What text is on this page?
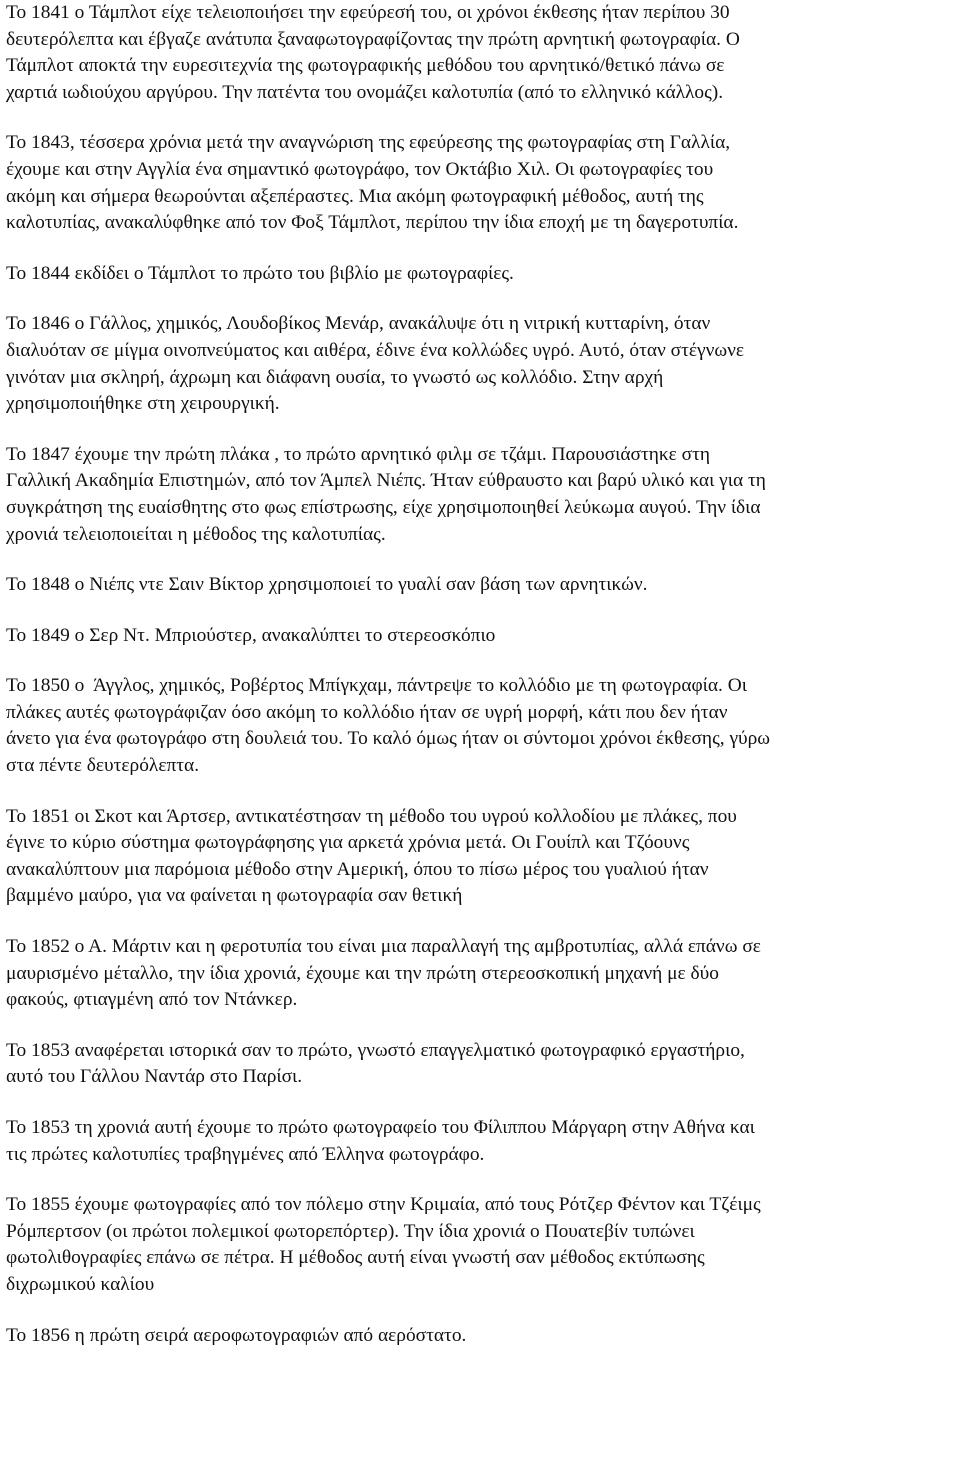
Το 1841 ο Τάμπλοτ είχε τελειοποιήσει την εφεύρεσή του, οι χρόνοι έκθεσης ήταν περίπου 30
δευτερόλεπτα και έβγαζε ανάτυπα ξαναφωτογραφίζοντας την πρώτη αρνητική φωτογραφία. Ο
Τάμπλοτ αποκτά την ευρεσιτεχνία της φωτογραφικής μεθόδου του αρνητικό/θετικό πάνω σε
χαρτιά ιωδιούχου αργύρου. Την πατέντα του ονομάζει καλοτυπία (από το ελληνικό κάλλος).
Το 1843, τέσσερα χρόνια μετά την αναγνώριση της εφεύρεσης της φωτογραφίας στη Γαλλία,
έχουμε και στην Αγγλία ένα σημαντικό φωτογράφο, τον Οκτάβιο Χιλ. Οι φωτογραφίες του
ακόμη και σήμερα θεωρούνται αξεπέραστες. Μια ακόμη φωτογραφική μέθοδος, αυτή της
καλοτυπίας, ανακαλύφθηκε από τον Φοξ Τάμπλοτ, περίπου την ίδια εποχή με τη δαγεροτυπία.
Το 1844 εκδίδει ο Τάμπλοτ το πρώτο του βιβλίο με φωτογραφίες.
Το 1846 ο Γάλλος, χημικός, Λουδοβίκος Μενάρ, ανακάλυψε ότι η νιτρική κυτταρίνη, όταν
διαλυόταν σε μίγμα οινοπνεύματος και αιθέρα, έδινε ένα κολλώδες υγρό. Αυτό, όταν στέγνωνε
γινόταν μια σκληρή, άχρωμη και διάφανη ουσία, το γνωστό ως κολλόδιο. Στην αρχή
χρησιμοποιήθηκε στη χειρουργική.
Το 1847 έχουμε την πρώτη πλάκα , το πρώτο αρνητικό φιλμ σε τζάμι. Παρουσιάστηκε στη
Γαλλική Ακαδημία Επιστημών, από τον Άμπελ Νιέπς. Ήταν εύθραυστο και βαρύ υλικό και για τη
συγκράτηση της ευαίσθητης στο φως επίστρωσης, είχε χρησιμοποιηθεί λεύκωμα αυγού. Την ίδια
χρονιά τελειοποιείται η μέθοδος της καλοτυπίας.
Το 1848 ο Νιέπς ντε Σαιν Βίκτορ χρησιμοποιεί το γυαλί σαν βάση των αρνητικών.
Το 1849 ο Σερ Ντ. Μπριούστερ, ανακαλύπτει το στερεοσκόπιο
Το 1850 ο  Άγγλος, χημικός, Ροβέρτος Μπίγκχαμ, πάντρεψε το κολλόδιο με τη φωτογραφία. Οι
πλάκες αυτές φωτογράφιζαν όσο ακόμη το κολλόδιο ήταν σε υγρή μορφή, κάτι που δεν ήταν
άνετο για ένα φωτογράφο στη δουλειά του. Το καλό όμως ήταν οι σύντομοι χρόνοι έκθεσης, γύρω
στα πέντε δευτερόλεπτα.
Το 1851 οι Σκοτ και Άρτσερ, αντικατέστησαν τη μέθοδο του υγρού κολλοδίου με πλάκες, που
έγινε το κύριο σύστημα φωτογράφησης για αρκετά χρόνια μετά. Οι Γουίπλ και Τζόουνς
ανακαλύπτουν μια παρόμοια μέθοδο στην Αμερική, όπου το πίσω μέρος του γυαλιού ήταν
βαμμένο μαύρο, για να φαίνεται η φωτογραφία σαν θετική
Το 1852 ο Α. Μάρτιν και η φεροτυπία του είναι μια παραλλαγή της αμβροτυπίας, αλλά επάνω σε
μαυρισμένο μέταλλο, την ίδια χρονιά, έχουμε και την πρώτη στερεοσκοπική μηχανή με δύο
φακούς, φτιαγμένη από τον Ντάνκερ.
Το 1853 αναφέρεται ιστορικά σαν το πρώτο, γνωστό επαγγελματικό φωτογραφικό εργαστήριο,
αυτό του Γάλλου Ναντάρ στο Παρίσι.
Το 1853 τη χρονιά αυτή έχουμε το πρώτο φωτογραφείο του Φίλιππου Μάργαρη στην Αθήνα και
τις πρώτες καλοτυπίες τραβηγμένες από Έλληνα φωτογράφο.
Το 1855 έχουμε φωτογραφίες από τον πόλεμο στην Κριμαία, από τους Ρότζερ Φέντον και Τζέιμς
Ρόμπερτσον (οι πρώτοι πολεμικοί φωτορεπόρτερ). Την ίδια χρονιά ο Πουατεβίν τυπώνει
φωτολιθογραφίες επάνω σε πέτρα. Η μέθοδος αυτή είναι γνωστή σαν μέθοδος εκτύπωσης
διχρωμικού καλίου
Το 1856 η πρώτη σειρά αεροφωτογραφιών από αερόστατο.
